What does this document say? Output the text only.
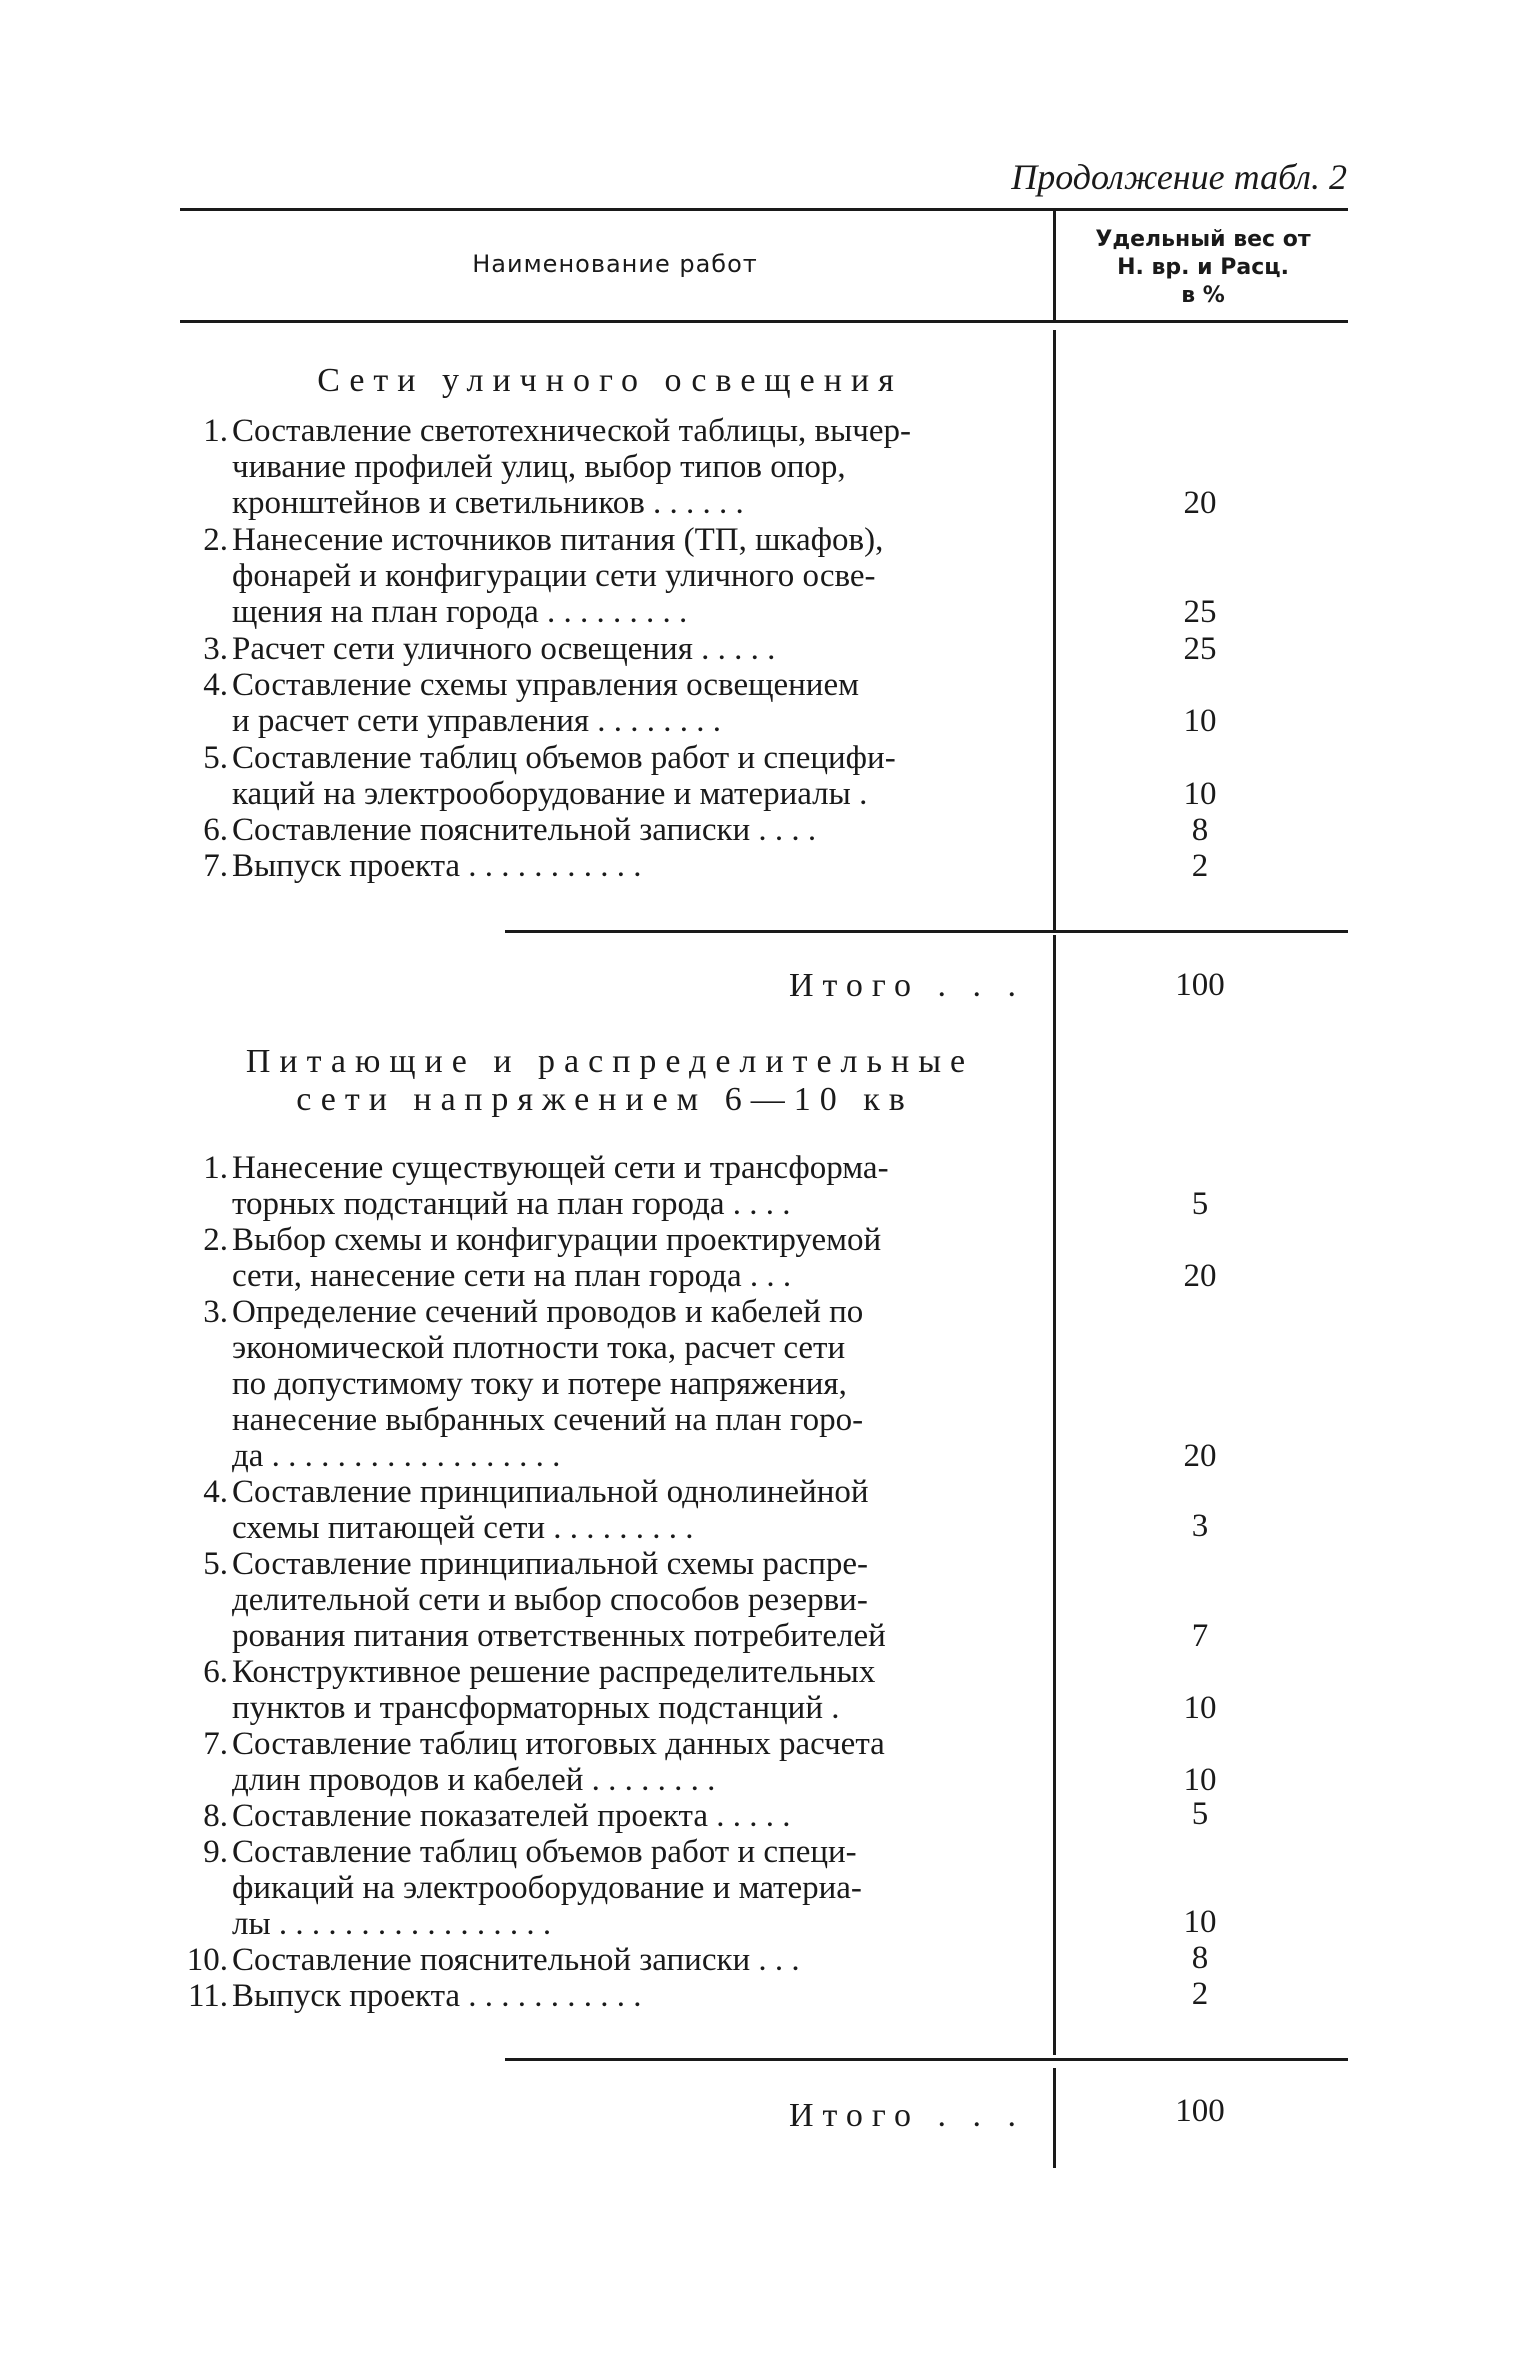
Продолжение табл. 2
Наименование работ
Удельный вес от
Н. вр. и Расц.
в %
Сети уличного освещения
1. Составление светотехнической таблицы, вычер-
чивание профилей улиц, выбор типов опор,
кронштейнов и светильников . . . . . .	20
2. Нанесение источников питания (ТП, шкафов),
фонарей и конфигурации сети уличного осве-
щения на план города . . . . . . . . .	25
3. Расчет сети уличного освещения . . . . .	25
4. Составление схемы управления освещением
и расчет сети управления . . . . . . . .	10
5. Составление таблиц объемов работ и специфи-
каций на электрооборудование и материалы .	10
6. Составление пояснительной записки . . . .	8
7. Выпуск проекта . . . . . . . . . . .	2
Итого . . .	100
Питающие и распределительные
сети напряжением 6—10 кв
1. Нанесение существующей сети и трансформа-
торных подстанций на план города . . . .	5
2. Выбор схемы и конфигурации проектируемой
сети, нанесение сети на план города . . .	20
3. Определение сечений проводов и кабелей по
экономической плотности тока, расчет сети
по допустимому току и потере напряжения,
нанесение выбранных сечений на план горо-
да . . . . . . . . . . . . . . . . . .	20
4. Составление принципиальной однолинейной
схемы питающей сети . . . . . . . . .	3
5. Составление принципиальной схемы распре-
делительной сети и выбор способов резерви-
рования питания ответственных потребителей	7
6. Конструктивное решение распределительных
пунктов и трансформаторных подстанций .	10
7. Составление таблиц итоговых данных расчета
длин проводов и кабелей . . . . . . . .	10
8. Составление показателей проекта . . . . .	5
9. Составление таблиц объемов работ и специ-
фикаций на электрооборудование и материа-
лы . . . . . . . . . . . . . . . . .	10
10. Составление пояснительной записки . . .	8
11. Выпуск проекта . . . . . . . . . . .	2
Итого . . .	100
